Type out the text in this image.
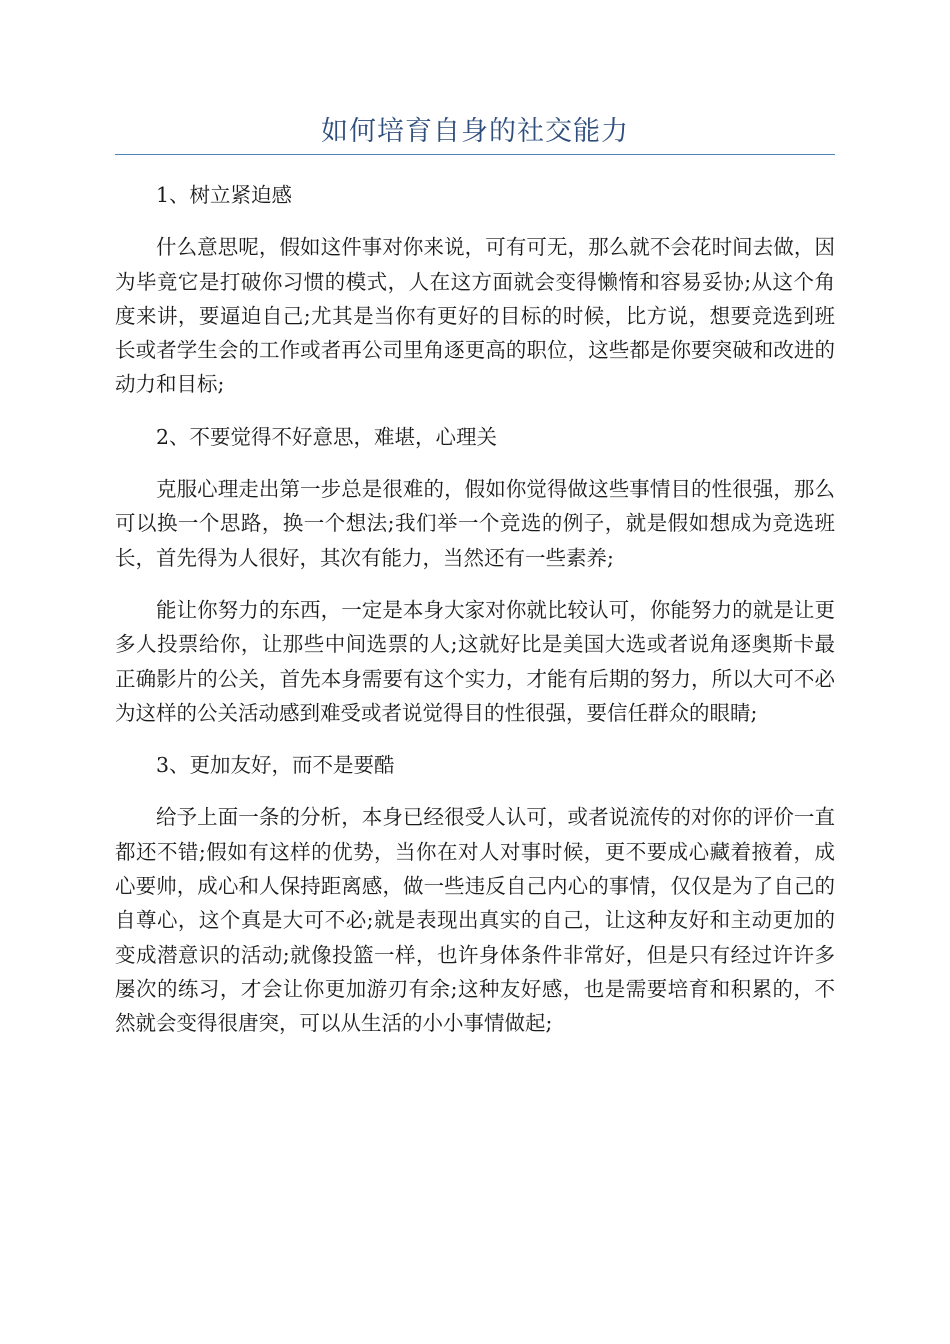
如何培育自身的社交能力

1、树立紧迫感

什么意思呢，假如这件事对你来说，可有可无，那么就不会花时间去做，因为毕竟它是打破你习惯的模式，人在这方面就会变得懒惰和容易妥协;从这个角度来讲，要逼迫自己;尤其是当你有更好的目标的时候，比方说，想要竞选到班长或者学生会的工作或者再公司里角逐更高的职位，这些都是你要突破和改进的动力和目标;

2、不要觉得不好意思，难堪，心理关

克服心理走出第一步总是很难的，假如你觉得做这些事情目的性很强，那么可以换一个思路，换一个想法;我们举一个竞选的例子，就是假如想成为竞选班长，首先得为人很好，其次有能力，当然还有一些素养;

能让你努力的东西，一定是本身大家对你就比较认可，你能努力的就是让更多人投票给你，让那些中间选票的人;这就好比是美国大选或者说角逐奥斯卡最正确影片的公关，首先本身需要有这个实力，才能有后期的努力，所以大可不必为这样的公关活动感到难受或者说觉得目的性很强，要信任群众的眼睛;

3、更加友好，而不是要酷

给予上面一条的分析，本身已经很受人认可，或者说流传的对你的评价一直都还不错;假如有这样的优势，当你在对人对事时候，更不要成心藏着掖着，成心要帅，成心和人保持距离感，做一些违反自己内心的事情，仅仅是为了自己的自尊心，这个真是大可不必;就是表现出真实的自己，让这种友好和主动更加的变成潜意识的活动;就像投篮一样，也许身体条件非常好，但是只有经过许许多屡次的练习，才会让你更加游刃有余;这种友好感，也是需要培育和积累的，不然就会变得很唐突，可以从生活的小小事情做起;
